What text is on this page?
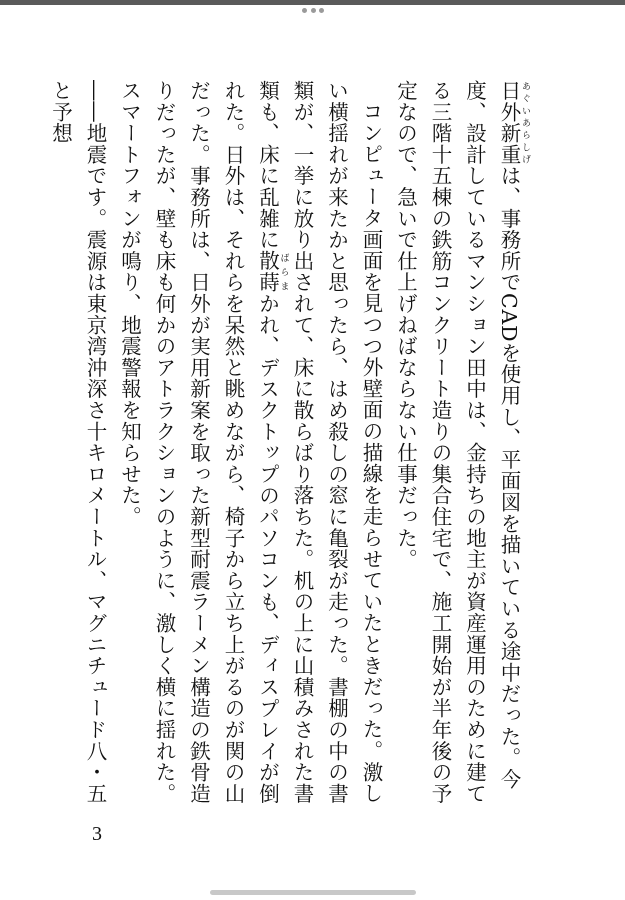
日外新重 あぐいあらしげは、事務所でCADを使用し、平面図を描いている途中だった。今度、設計しているマンション田中は、金持ちの地主が資産運用のために建てる三階十五棟の鉄筋コンクリート造りの集合住宅で、施工開始が半年後の予定なので、急いで仕上げねばならない仕事だった。

コンピュータ画面を見つつ外壁面の描線を走らせていたときだった。激しい横揺れが来たかと思ったら、はめ殺しの窓に亀裂が走った。書棚の中の書類が、一挙に放り出されて、床に散らばり落ちた。机の上に山積みされた書類も、床に乱雑に散蒔 ばらまかれ、デスクトップのパソコンも、ディスプレイが倒れた。日外は、それらを呆然と眺めながら、椅子から立ち上がるのが関の山だった。事務所は、日外が実用新案を取った新型耐震ラーメン構造の鉄骨造りだったが、壁も床も何かのアトラクションのように、激しく横に揺れた。スマートフォンが鳴り、地震警報を知らせた。

――地震です。震源は東京湾沖深さ十キロメートル、マグニチュード八・五と予想

3
